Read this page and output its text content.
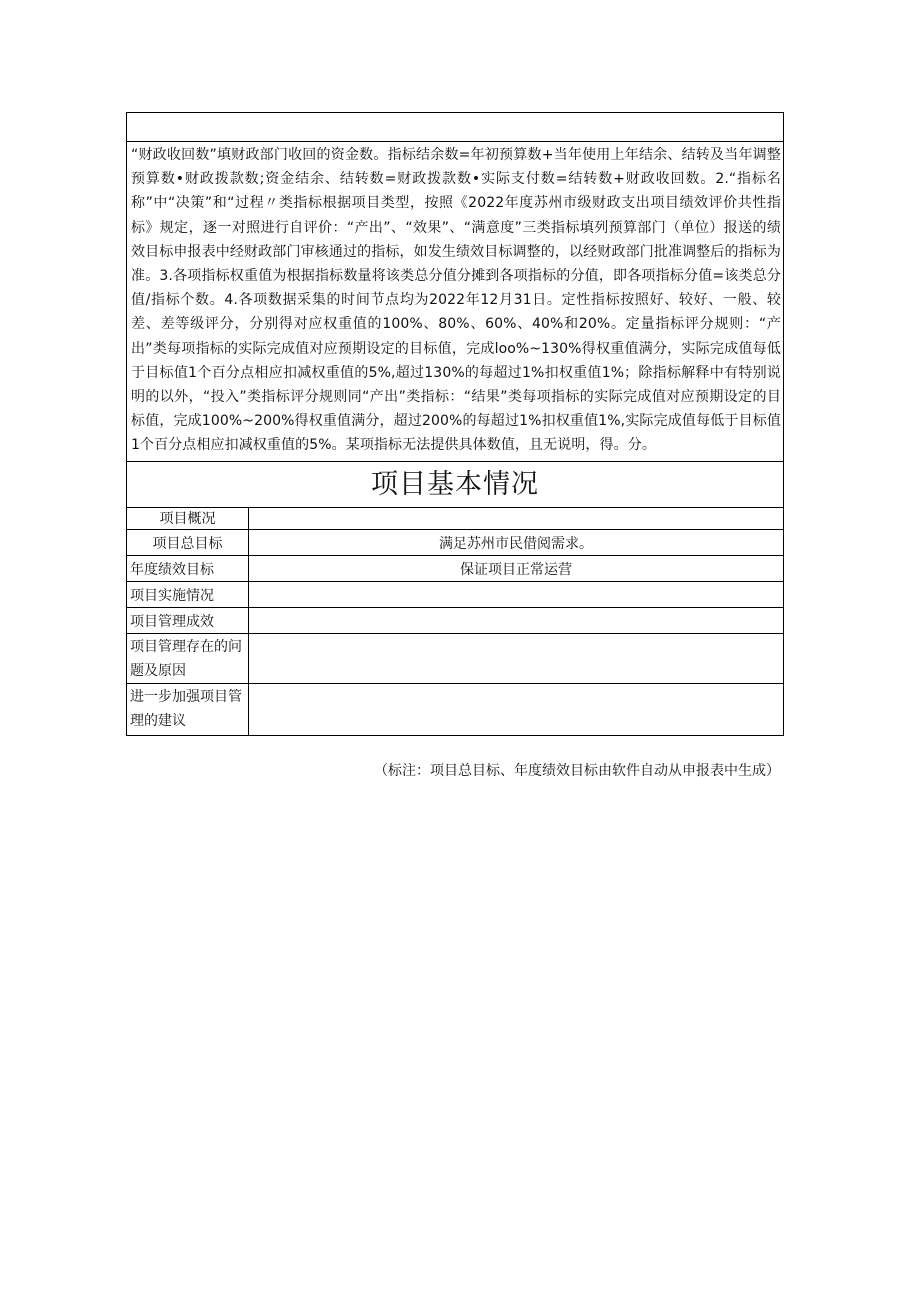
“财政收回数”填财政部门收回的资金数。指标结余数=年初预算数+当年使用上年结余、结转及当年调整预算数•财政拨款数;资金结余、结转数=财政拨款数•实际支付数=结转数+财政收回数。2.“指标名称”中“决策”和“过程〃类指标根据项目类型，按照《2022年度苏州市级财政支出项目绩效评价共性指标》规定，逐一对照进行自评价：“产出”、“效果”、“满意度”三类指标填列预算部门（单位）报送的绩效目标申报表中经财政部门审核通过的指标，如发生绩效目标调整的，以经财政部门批准调整后的指标为准。3.各项指标权重值为根据指标数量将该类总分值分摊到各项指标的分值，即各项指标分值=该类总分值/指标个数。4.各项数据采集的时间节点均为2022年12月31日。定性指标按照好、较好、一般、较差、差等级评分，分别得对应权重值的100%、80%、60%、40%和20%。定量指标评分规则：“产出”类每项指标的实际完成值对应预期设定的目标值，完成loo%~130%得权重值满分，实际完成值每低于目标值1个百分点相应扣减权重值的5%,超过130%的每超过1%扣权重值1%；除指标解释中有特别说明的以外，“投入”类指标评分规则同“产出”类指标：“结果”类每项指标的实际完成值对应预期设定的目标值，完成100%~200%得权重值满分，超过200%的每超过1%扣权重值1%,实际完成值每低于目标值1个百分点相应扣减权重值的5%。某项指标无法提供具体数值，且无说明，得。分。
项目基本情况
项目概况	
项目总目标	满足苏州市民借阅需求。
年度绩效目标	保证项目正常运营
项目实施情况	
项目管理成效	
项目管理存在的问题及原因	
进一步加强项目管理的建议	
（标注：项目总目标、年度绩效目标由软件自动从申报表中生成）
